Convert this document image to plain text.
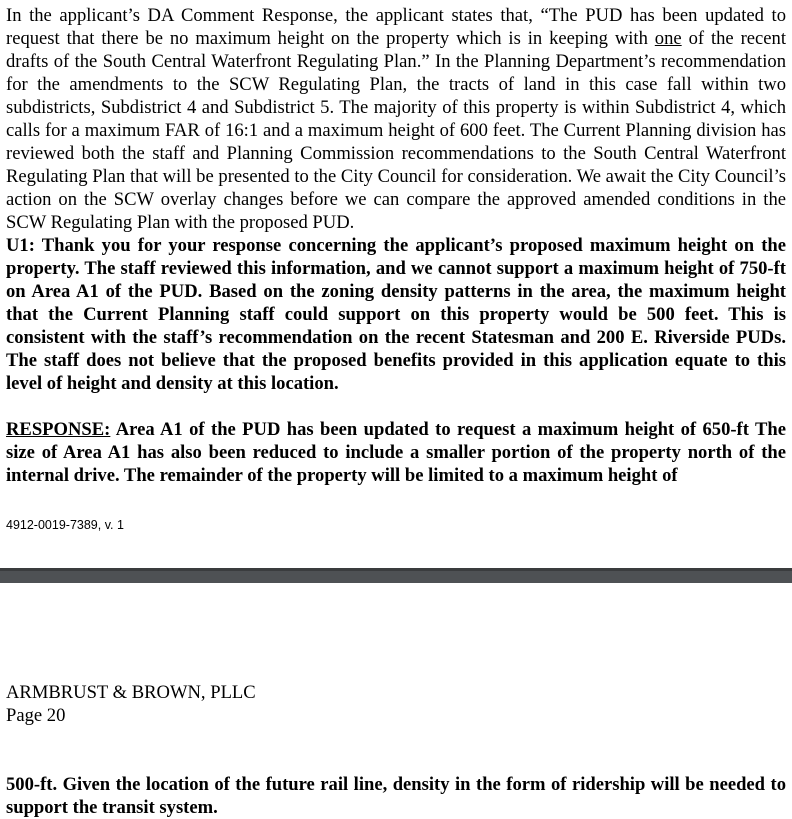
In the applicant’s DA Comment Response, the applicant states that, “The PUD has been updated to request that there be no maximum height on the property which is in keeping with one of the recent drafts of the South Central Waterfront Regulating Plan.” In the Planning Department’s recommendation for the amendments to the SCW Regulating Plan, the tracts of land in this case fall within two subdistricts, Subdistrict 4 and Subdistrict 5. The majority of this property is within Subdistrict 4, which calls for a maximum FAR of 16:1 and a maximum height of 600 feet. The Current Planning division has reviewed both the staff and Planning Commission recommendations to the South Central Waterfront Regulating Plan that will be presented to the City Council for consideration. We await the City Council’s action on the SCW overlay changes before we can compare the approved amended conditions in the SCW Regulating Plan with the proposed PUD.

U1: Thank you for your response concerning the applicant’s proposed maximum height on the property. The staff reviewed this information, and we cannot support a maximum height of 750-ft on Area A1 of the PUD. Based on the zoning density patterns in the area, the maximum height that the Current Planning staff could support on this property would be 500 feet. This is consistent with the staff’s recommendation on the recent Statesman and 200 E. Riverside PUDs. The staff does not believe that the proposed benefits provided in this application equate to this level of height and density at this location.

RESPONSE: Area A1 of the PUD has been updated to request a maximum height of 650-ft The size of Area A1 has also been reduced to include a smaller portion of the property north of the internal drive. The remainder of the property will be limited to a maximum height of

4912-0019-7389, v. 1
ARMBRUST & BROWN, PLLC
Page 20
500-ft. Given the location of the future rail line, density in the form of ridership will be needed to support the transit system.
